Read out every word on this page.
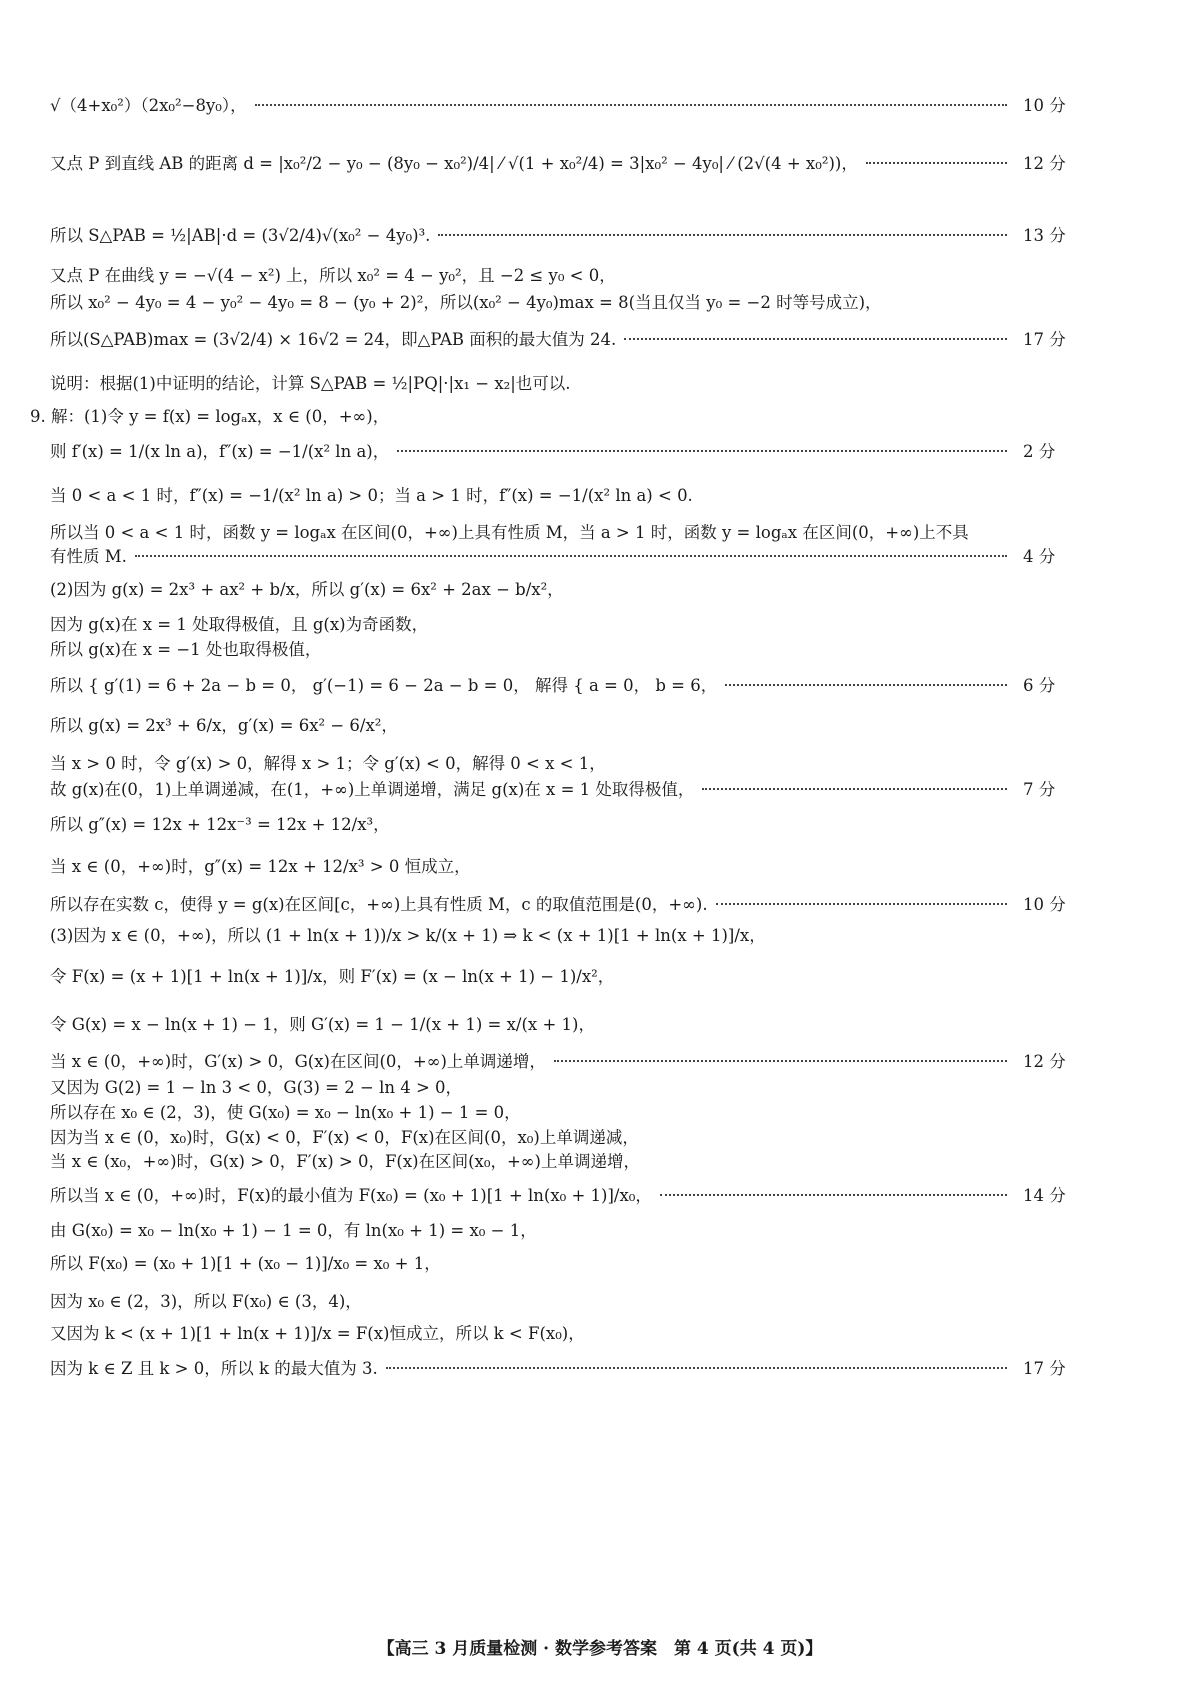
√（4+x₀²）（2x₀²−8y₀），	10 分
又点 P 到直线 AB 的距离 d = |x₀²/2 − y₀ − (8y₀ − x₀²)/4| ⁄ √(1 + x₀²/4) = 3|x₀² − 4y₀| ⁄ (2√(4 + x₀²))，	12 分
所以 S△PAB = ½|AB|·d = (3√2/4)√(x₀² − 4y₀)³.	13 分
又点 P 在曲线 y = −√(4 − x²) 上，所以 x₀² = 4 − y₀²，且 −2 ≤ y₀ < 0，
所以 x₀² − 4y₀ = 4 − y₀² − 4y₀ = 8 − (y₀ + 2)²，所以(x₀² − 4y₀)max = 8(当且仅当 y₀ = −2 时等号成立)，
所以(S△PAB)max = (3√2/4) × 16√2 = 24，即△PAB 面积的最大值为 24.	17 分
说明：根据(1)中证明的结论，计算 S△PAB = ½|PQ|·|x₁ − x₂|也可以.
9. 解：(1)令 y = f(x) = logₐx，x ∈ (0，+∞)，
则 f′(x) = 1/(x ln a)，f″(x) = −1/(x² ln a)，	2 分
当 0 < a < 1 时，f″(x) = −1/(x² ln a) > 0；当 a > 1 时，f″(x) = −1/(x² ln a) < 0.
所以当 0 < a < 1 时，函数 y = logₐx 在区间(0，+∞)上具有性质 M，当 a > 1 时，函数 y = logₐx 在区间(0，+∞)上不具
有性质 M.	4 分
(2)因为 g(x) = 2x³ + ax² + b/x，所以 g′(x) = 6x² + 2ax − b/x²，
因为 g(x)在 x = 1 处取得极值，且 g(x)为奇函数，
所以 g(x)在 x = −1 处也取得极值，
所以 { g′(1) = 6 + 2a − b = 0， g′(−1) = 6 − 2a − b = 0， 解得 { a = 0， b = 6，	6 分
所以 g(x) = 2x³ + 6/x，g′(x) = 6x² − 6/x²，
当 x > 0 时，令 g′(x) > 0，解得 x > 1；令 g′(x) < 0，解得 0 < x < 1，
故 g(x)在(0，1)上单调递减，在(1，+∞)上单调递增，满足 g(x)在 x = 1 处取得极值，	7 分
所以 g″(x) = 12x + 12x⁻³ = 12x + 12/x³，
当 x ∈ (0，+∞)时，g″(x) = 12x + 12/x³ > 0 恒成立，
所以存在实数 c，使得 y = g(x)在区间[c，+∞)上具有性质 M，c 的取值范围是(0，+∞).	10 分
(3)因为 x ∈ (0，+∞)，所以 (1 + ln(x + 1))/x > k/(x + 1) ⇒ k < (x + 1)[1 + ln(x + 1)]/x，
令 F(x) = (x + 1)[1 + ln(x + 1)]/x，则 F′(x) = (x − ln(x + 1) − 1)/x²，
令 G(x) = x − ln(x + 1) − 1，则 G′(x) = 1 − 1/(x + 1) = x/(x + 1)，
当 x ∈ (0，+∞)时，G′(x) > 0，G(x)在区间(0，+∞)上单调递增，	12 分
又因为 G(2) = 1 − ln 3 < 0，G(3) = 2 − ln 4 > 0，
所以存在 x₀ ∈ (2，3)，使 G(x₀) = x₀ − ln(x₀ + 1) − 1 = 0，
因为当 x ∈ (0，x₀)时，G(x) < 0，F′(x) < 0，F(x)在区间(0，x₀)上单调递减，
当 x ∈ (x₀，+∞)时，G(x) > 0，F′(x) > 0，F(x)在区间(x₀，+∞)上单调递增，
所以当 x ∈ (0，+∞)时，F(x)的最小值为 F(x₀) = (x₀ + 1)[1 + ln(x₀ + 1)]/x₀，	14 分
由 G(x₀) = x₀ − ln(x₀ + 1) − 1 = 0，有 ln(x₀ + 1) = x₀ − 1，
所以 F(x₀) = (x₀ + 1)[1 + (x₀ − 1)]/x₀ = x₀ + 1，
因为 x₀ ∈ (2，3)，所以 F(x₀) ∈ (3，4)，
又因为 k < (x + 1)[1 + ln(x + 1)]/x = F(x)恒成立，所以 k < F(x₀)，
因为 k ∈ Z 且 k > 0，所以 k 的最大值为 3.	17 分
【高三 3 月质量检测 · 数学参考答案　第 4 页(共 4 页)】
